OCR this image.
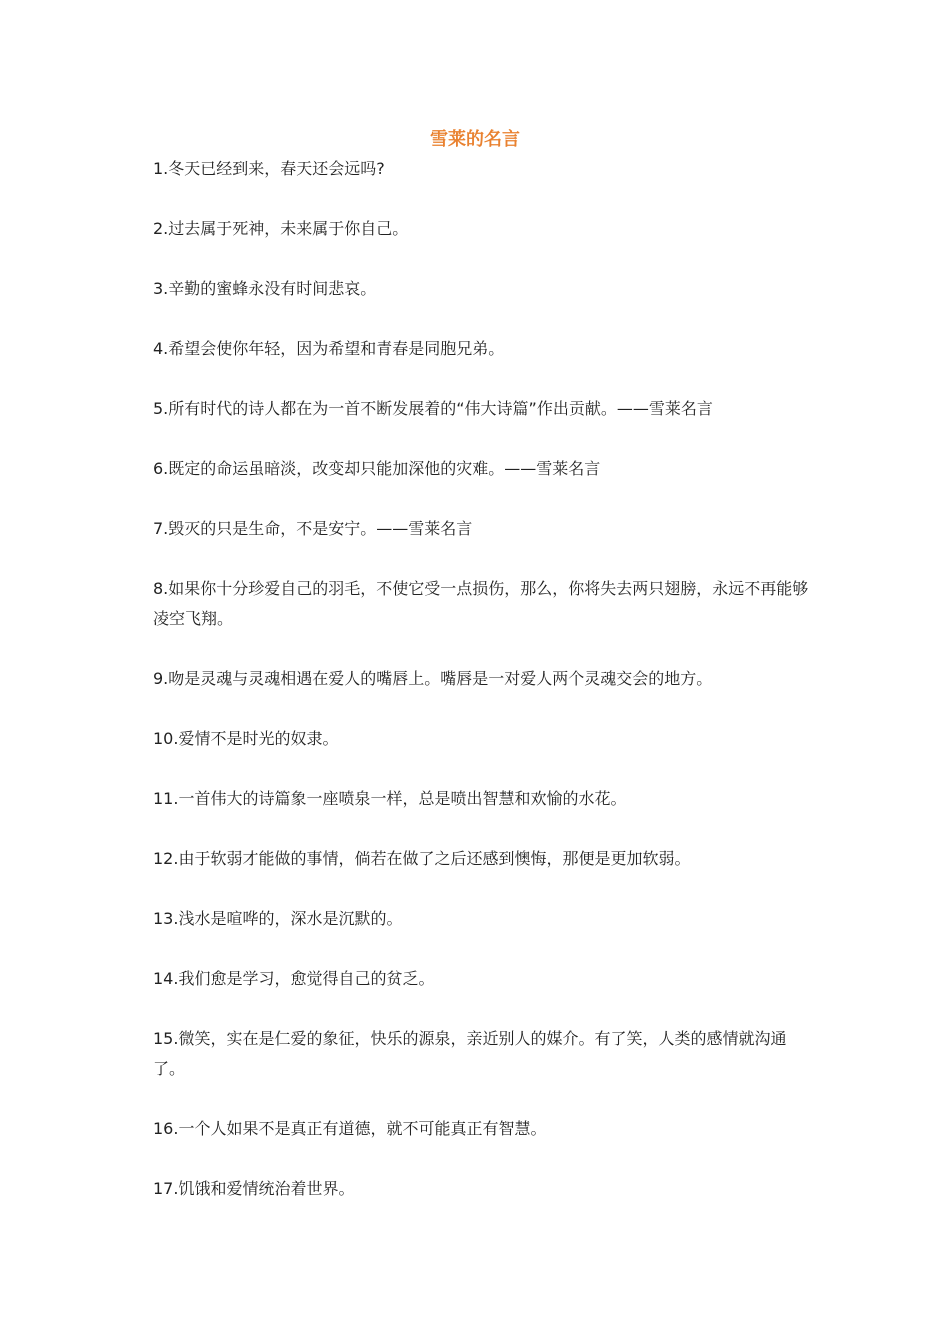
雪莱的名言
1.冬天已经到来，春天还会远吗?
2.过去属于死神，未来属于你自己。
3.辛勤的蜜蜂永没有时间悲哀。
4.希望会使你年轻，因为希望和青春是同胞兄弟。
5.所有时代的诗人都在为一首不断发展着的“伟大诗篇”作出贡献。——雪莱名言
6.既定的命运虽暗淡，改变却只能加深他的灾难。——雪莱名言
7.毁灭的只是生命，不是安宁。——雪莱名言
8.如果你十分珍爱自己的羽毛，不使它受一点损伤，那么，你将失去两只翅膀，永远不再能够凌空飞翔。
9.吻是灵魂与灵魂相遇在爱人的嘴唇上。嘴唇是一对爱人两个灵魂交会的地方。
10.爱情不是时光的奴隶。
11.一首伟大的诗篇象一座喷泉一样，总是喷出智慧和欢愉的水花。
12.由于软弱才能做的事情，倘若在做了之后还感到懊悔，那便是更加软弱。
13.浅水是喧哗的，深水是沉默的。
14.我们愈是学习，愈觉得自己的贫乏。
15.微笑，实在是仁爱的象征，快乐的源泉，亲近别人的媒介。有了笑，人类的感情就沟通了。
16.一个人如果不是真正有道德，就不可能真正有智慧。
17.饥饿和爱情统治着世界。
